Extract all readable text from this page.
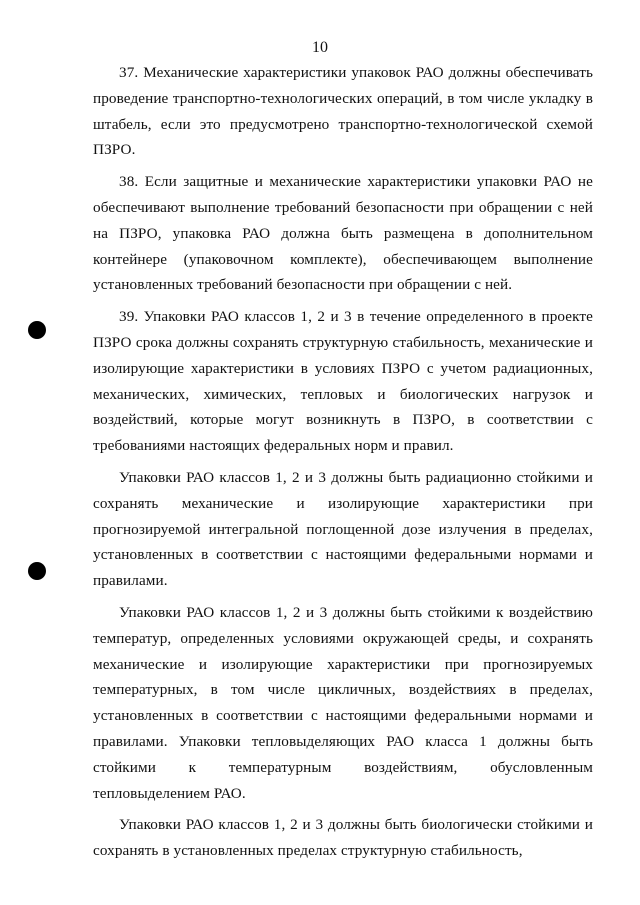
10

37. Механические характеристики упаковок РАО должны обеспечивать проведение транспортно-технологических операций, в том числе укладку в штабель, если это предусмотрено транспортно-технологической схемой ПЗРО.

38. Если защитные и механические характеристики упаковки РАО не обеспечивают выполнение требований безопасности при обращении с ней на ПЗРО, упаковка РАО должна быть размещена в дополнительном контейнере (упаковочном комплекте), обеспечивающем выполнение установленных требований безопасности при обращении с ней.

39. Упаковки РАО классов 1, 2 и 3 в течение определенного в проекте ПЗРО срока должны сохранять структурную стабильность, механические и изолирующие характеристики в условиях ПЗРО с учетом радиационных, механических, химических, тепловых и биологических нагрузок и воздействий, которые могут возникнуть в ПЗРО, в соответствии с требованиями настоящих федеральных норм и правил.

Упаковки РАО классов 1, 2 и 3 должны быть радиационно стойкими и сохранять механические и изолирующие характеристики при прогнозируемой интегральной поглощенной дозе излучения в пределах, установленных в соответствии с настоящими федеральными нормами и правилами.

Упаковки РАО классов 1, 2 и 3 должны быть стойкими к воздействию температур, определенных условиями окружающей среды, и сохранять механические и изолирующие характеристики при прогнозируемых температурных, в том числе цикличных, воздействиях в пределах, установленных в соответствии с настоящими федеральными нормами и правилами. Упаковки тепловыделяющих РАО класса 1 должны быть стойкими к температурным воздействиям, обусловленным тепловыделением РАО.

Упаковки РАО классов 1, 2 и 3 должны быть биологически стойкими и сохранять в установленных пределах структурную стабильность,
